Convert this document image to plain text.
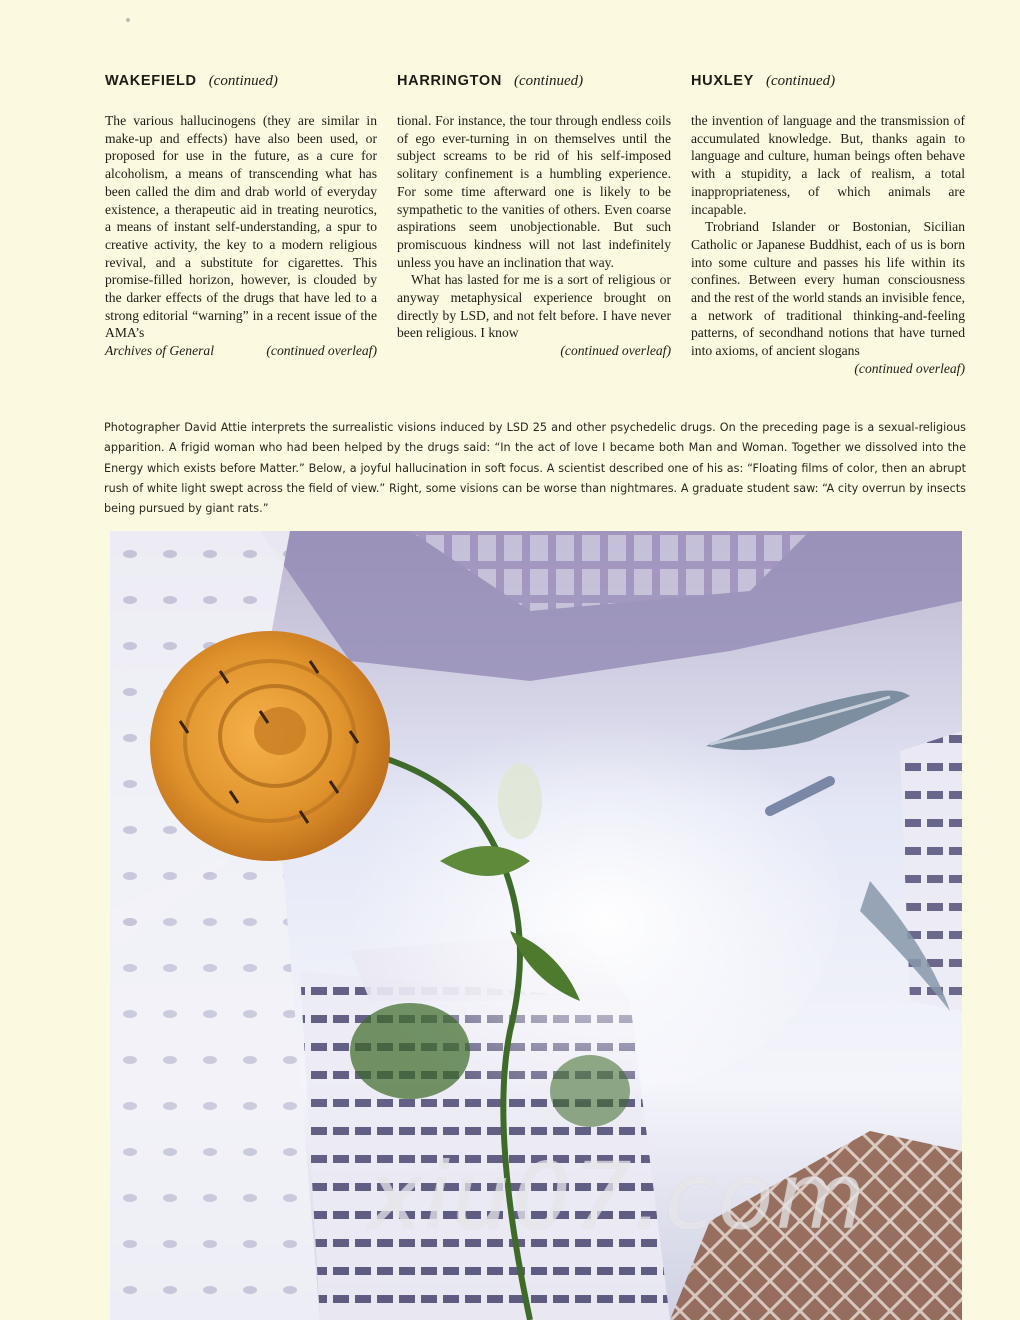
WAKEFIELD (continued)

The various hallucinogens (they are similar in make-up and effects) have also been used, or proposed for use in the future, as a cure for alcoholism, a means of transcending what has been called the dim and drab world of everyday existence, a therapeutic aid in treating neurotics, a means of instant self-understanding, a spur to creative activity, the key to a modern religious revival, and a substitute for cigarettes. This promise-filled horizon, however, is clouded by the darker effects of the drugs that have led to a strong editorial “warning” in a recent issue of the AMA’s

Archives of General	(continued overleaf)
HARRINGTON (continued)

tional. For instance, the tour through endless coils of ego ever-turning in on themselves until the subject screams to be rid of his self-imposed solitary confinement is a humbling experience. For some time afterward one is likely to be sympathetic to the vanities of others. Even coarse aspirations seem unobjectionable. But such promiscuous kindness will not last indefinitely unless you have an inclination that way.

What has lasted for me is a sort of religious or anyway metaphysical experience brought on directly by LSD, and not felt before. I have never been religious. I know

(continued overleaf)
HUXLEY (continued)

the invention of language and the transmission of accumulated knowledge. But, thanks again to language and culture, human beings often behave with a stupidity, a lack of realism, a total inappropriateness, of which animals are incapable.

Trobriand Islander or Bostonian, Sicilian Catholic or Japanese Buddhist, each of us is born into some culture and passes his life within its confines. Between every human consciousness and the rest of the world stands an invisible fence, a network of traditional thinking-and-feeling patterns, of secondhand notions that have turned into axioms, of ancient slogans

(continued overleaf)

Photographer David Attie interprets the surrealistic visions induced by LSD 25 and other psychedelic drugs. On the preceding page is a sexual-religious apparition. A frigid woman who had been helped by the drugs said: “In the act of love I became both Man and Woman. Together we dissolved into the Energy which exists before Matter.” Below, a joyful hallucination in soft focus. A scientist described one of his as: “Floating films of color, then an abrupt rush of white light swept across the field of view.” Right, some visions can be worse than nightmares. A graduate student saw: “A city overrun by insects being pursued by giant rats.”

xiu07.com
